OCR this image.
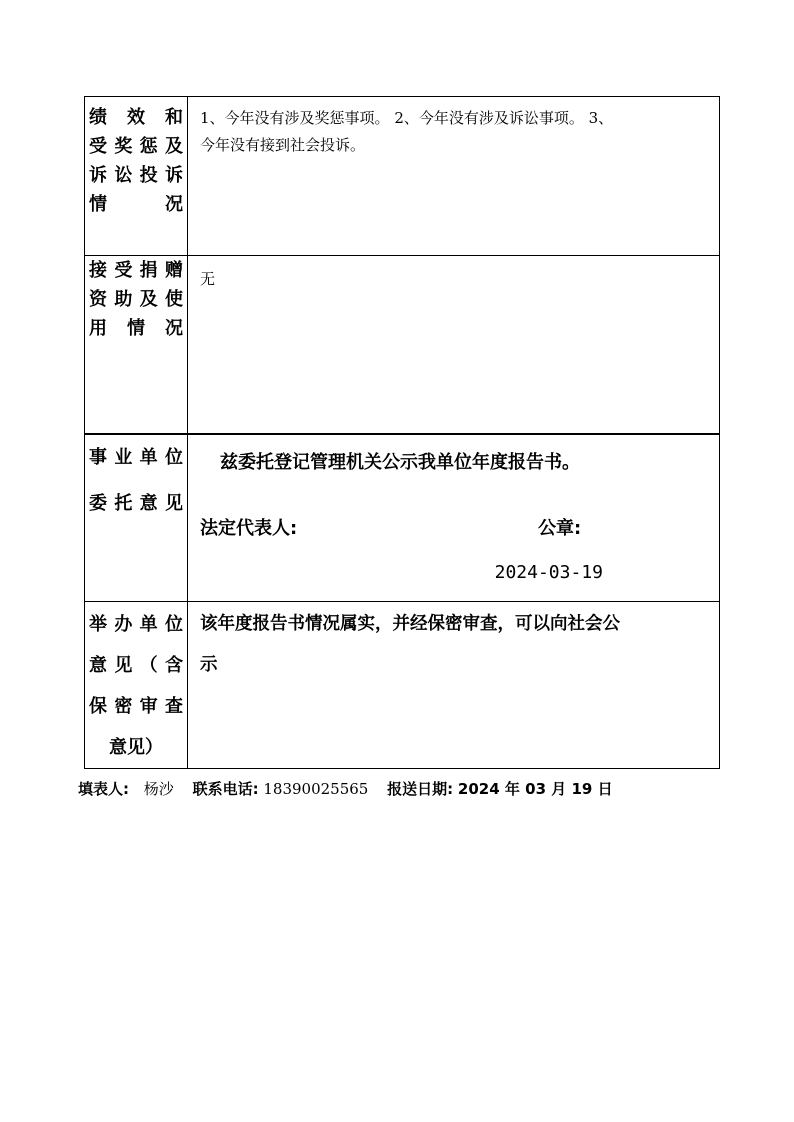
绩 效 和
受奖惩及
诉讼投诉
情　　况	1、今年没有涉及奖惩事项。 2、今年没有涉及诉讼事项。 3、
今年没有接到社会投诉。

接受捐赠
资助及使
用 情 况	无

事业单位
委托意见	兹委托登记管理机关公示我单位年度报告书。
法定代表人: 公章:
2024-03-19

举办单位
意见（含
保密审查
意见）	该年度报告书情况属实，并经保密审查，可以向社会公
示
填表人: 杨沙 联系电话: 18390025565 报送日期: 2024 年 03 月 19 日
